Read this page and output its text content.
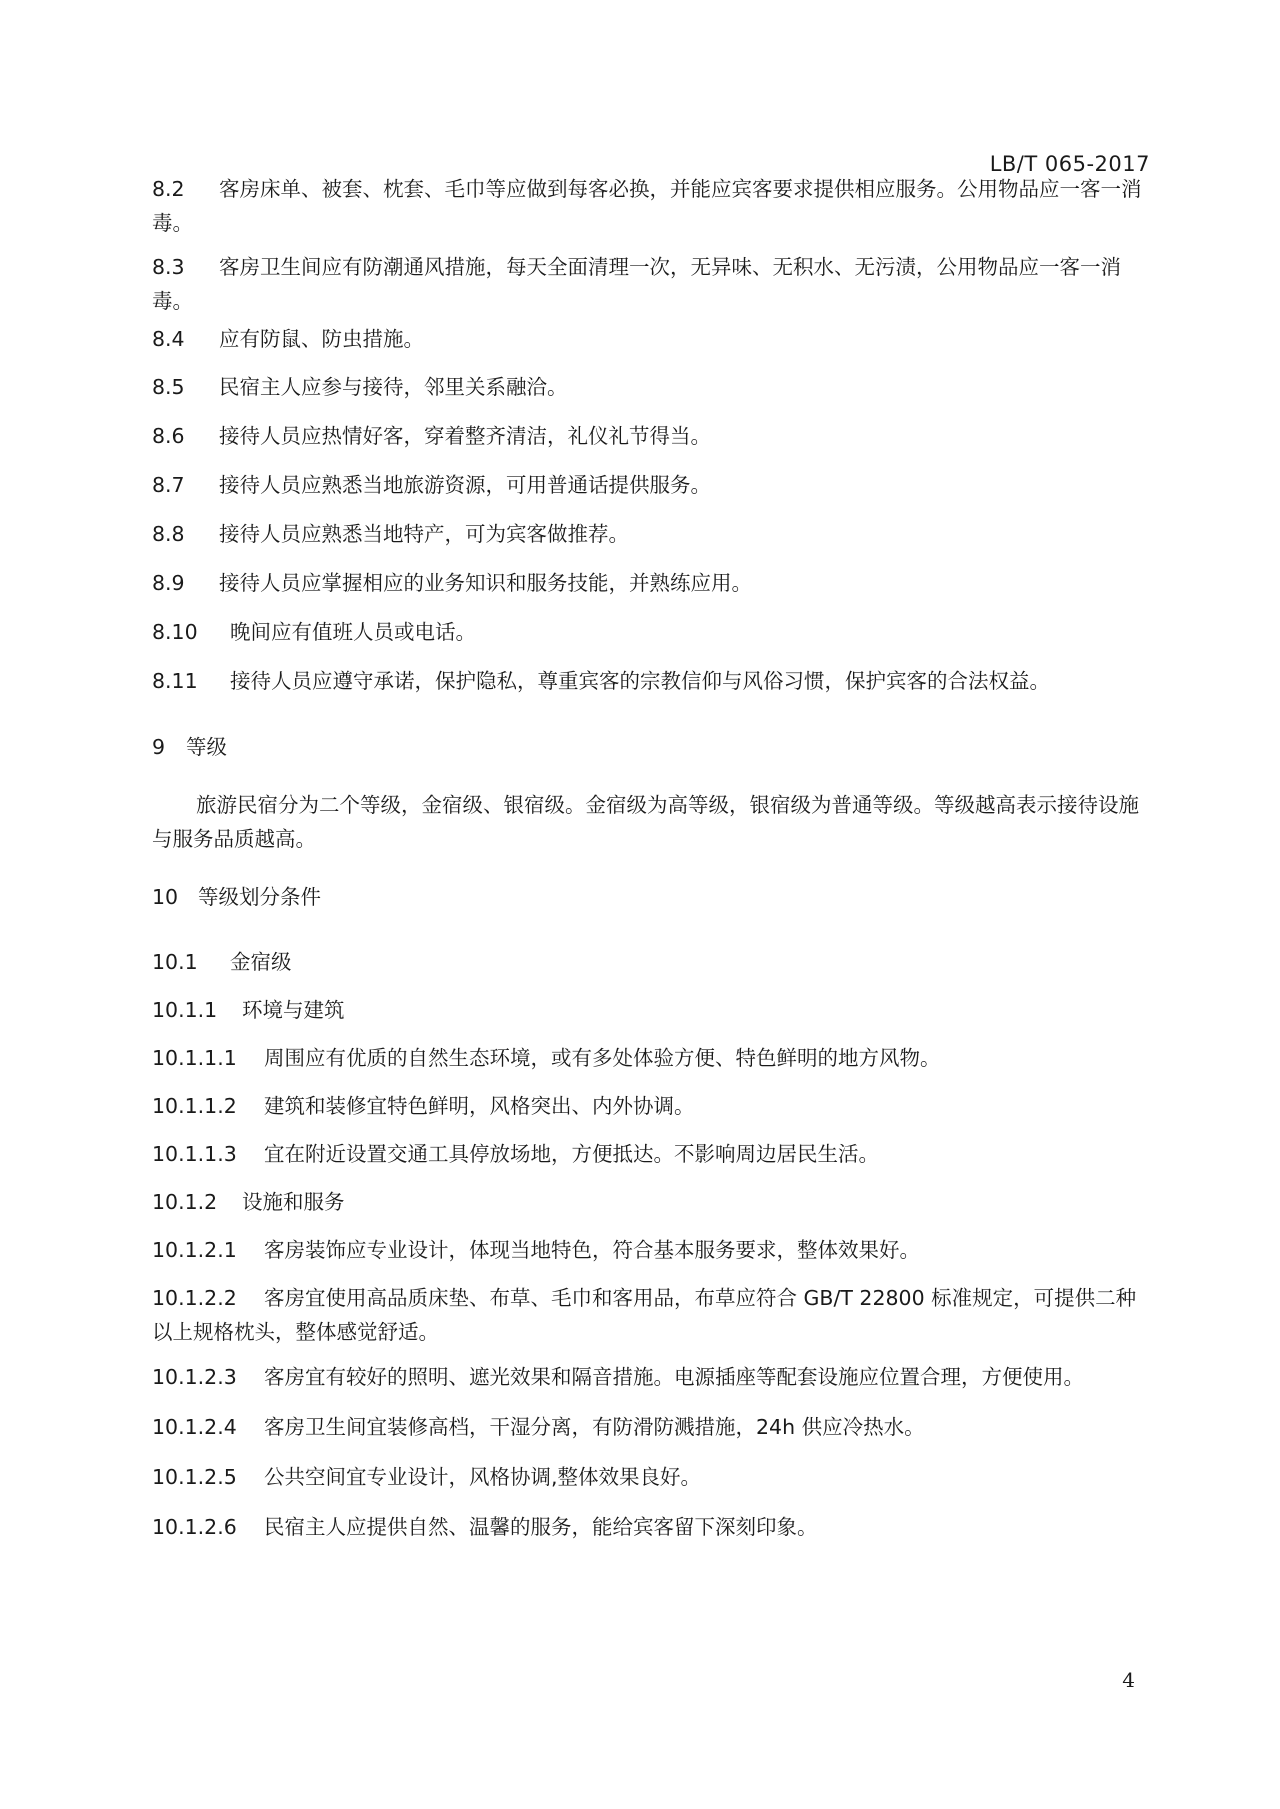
LB/T 065-2017
8.2 客房床单、被套、枕套、毛巾等应做到每客必换，并能应宾客要求提供相应服务。公用物品应一客一消毒。
8.3 客房卫生间应有防潮通风措施，每天全面清理一次，无异味、无积水、无污渍，公用物品应一客一消毒。
8.4 应有防鼠、防虫措施。
8.5 民宿主人应参与接待，邻里关系融洽。
8.6 接待人员应热情好客，穿着整齐清洁，礼仪礼节得当。
8.7 接待人员应熟悉当地旅游资源，可用普通话提供服务。
8.8 接待人员应熟悉当地特产，可为宾客做推荐。
8.9 接待人员应掌握相应的业务知识和服务技能，并熟练应用。
8.10 晚间应有值班人员或电话。
8.11 接待人员应遵守承诺，保护隐私，尊重宾客的宗教信仰与风俗习惯，保护宾客的合法权益。
9 等级
旅游民宿分为二个等级，金宿级、银宿级。金宿级为高等级，银宿级为普通等级。等级越高表示接待设施与服务品质越高。
10 等级划分条件
10.1 金宿级
10.1.1 环境与建筑
10.1.1.1 周围应有优质的自然生态环境，或有多处体验方便、特色鲜明的地方风物。
10.1.1.2 建筑和装修宜特色鲜明，风格突出、内外协调。
10.1.1.3 宜在附近设置交通工具停放场地，方便抵达。不影响周边居民生活。
10.1.2 设施和服务
10.1.2.1 客房装饰应专业设计，体现当地特色，符合基本服务要求，整体效果好。
10.1.2.2 客房宜使用高品质床垫、布草、毛巾和客用品，布草应符合 GB/T 22800 标准规定，可提供二种以上规格枕头，整体感觉舒适。
10.1.2.3 客房宜有较好的照明、遮光效果和隔音措施。电源插座等配套设施应位置合理，方便使用。
10.1.2.4 客房卫生间宜装修高档，干湿分离，有防滑防溅措施，24h 供应冷热水。
10.1.2.5 公共空间宜专业设计，风格协调,整体效果良好。
10.1.2.6 民宿主人应提供自然、温馨的服务，能给宾客留下深刻印象。
4
